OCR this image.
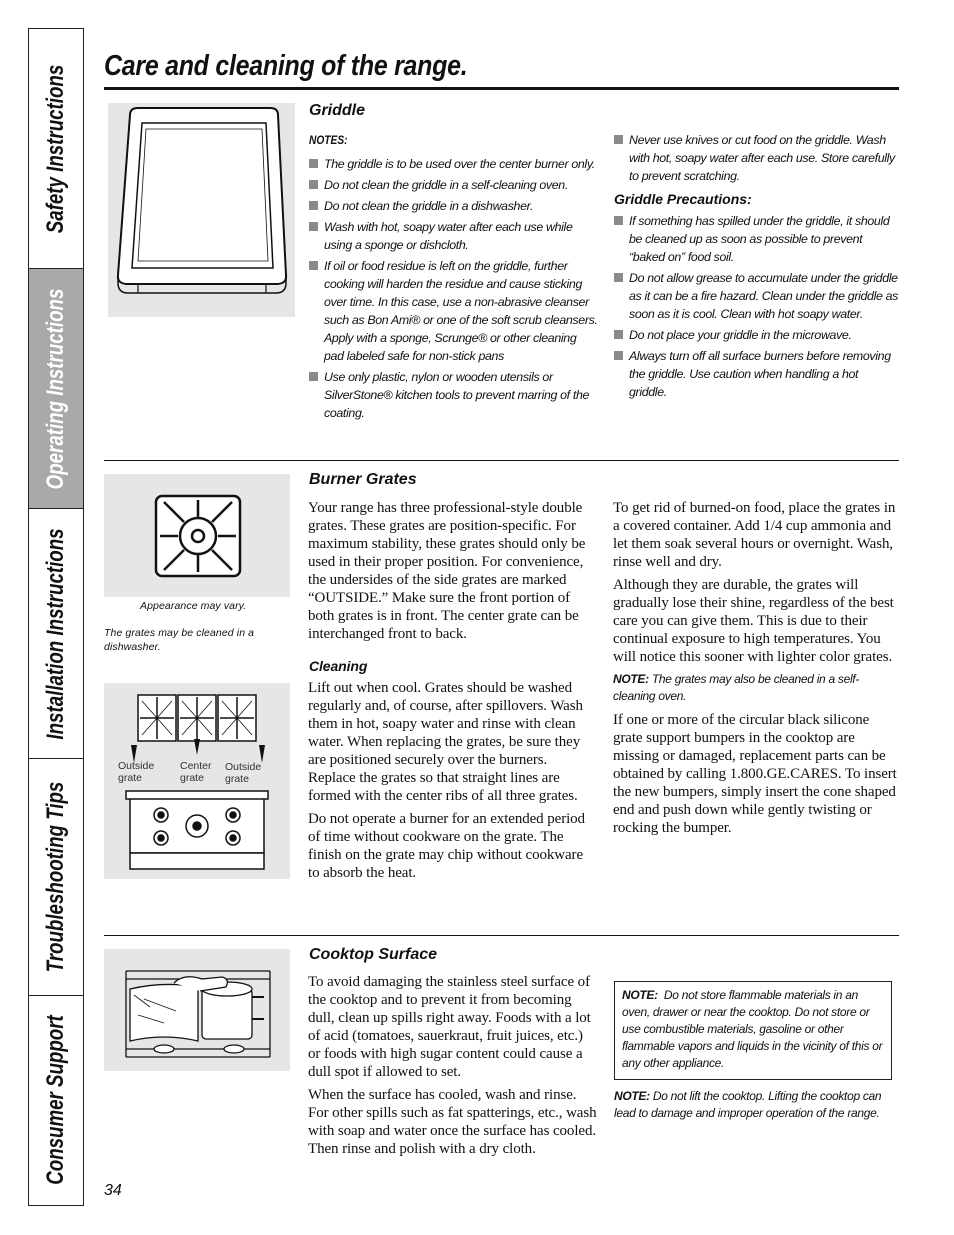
Safety Instructions
Operating Instructions
Installation Instructions
Troubleshooting Tips
Consumer Support
Care and cleaning of the range.
Griddle
NOTES:
The griddle is to be used over the center burner only.
Do not clean the griddle in a self-cleaning oven.
Do not clean the griddle in a dishwasher.
Wash with hot, soapy water after each use while using a sponge or dishcloth.
If oil or food residue is left on the griddle, further cooking will harden the residue and cause sticking over time. In this case, use a non-abrasive cleanser such as Bon Ami® or one of the soft scrub cleansers. Apply with a sponge, Scrunge® or other cleaning pad labeled safe for non-stick pans
Use only plastic, nylon or wooden utensils or SilverStone® kitchen tools to prevent marring of the coating.
Never use knives or cut food on the griddle. Wash with hot, soapy water after each use. Store carefully to prevent scratching.
Griddle Precautions:
If something has spilled under the griddle, it should be cleaned up as soon as possible to prevent “baked on” food soil.
Do not allow grease to accumulate under the griddle as it can be a fire hazard. Clean under the griddle as soon as it is cool. Clean with hot soapy water.
Do not place your griddle in the microwave.
Always turn off all surface burners before removing the griddle. Use caution when handling a hot griddle.
Appearance may vary.
The grates may be cleaned in a dishwasher.
Outside grate
Center grate
Outside grate
Burner Grates

Your range has three professional-style double grates. These grates are position-specific. For maximum stability, these grates should only be used in their proper position. For convenience, the undersides of the side grates are marked “OUTSIDE.” Make sure the front portion of both grates is in front. The center grate can be interchanged front to back.

Cleaning

Lift out when cool. Grates should be washed regularly and, of course, after spillovers. Wash them in hot, soapy water and rinse with clean water. When replacing the grates, be sure they are positioned securely over the burners. Replace the grates so that straight lines are formed with the center ribs of all three grates.

Do not operate a burner for an extended period of time without cookware on the grate. The finish on the grate may chip without cookware to absorb the heat.

To get rid of burned-on food, place the grates in a covered container. Add 1/4 cup ammonia and let them soak several hours or overnight. Wash, rinse well and dry.

Although they are durable, the grates will gradually lose their shine, regardless of the best care you can give them. This is due to their continual exposure to high temperatures. You will notice this sooner with lighter color grates.

NOTE: The grates may also be cleaned in a self-cleaning oven.

If one or more of the circular black silicone grate support bumpers in the cooktop are missing or damaged, replacement parts can be obtained by calling 1.800.GE.CARES. To insert the new bumpers, simply insert the cone shaped end and push down while gently twisting or rocking the bumper.

Cooktop Surface

To avoid damaging the stainless steel surface of the cooktop and to prevent it from becoming dull, clean up spills right away. Foods with a lot of acid (tomatoes, sauerkraut, fruit juices, etc.) or foods with high sugar content could cause a dull spot if allowed to set.

When the surface has cooled, wash and rinse. For other spills such as fat spatterings, etc., wash with soap and water once the surface has cooled. Then rinse and polish with a dry cloth.

NOTE: Do not store flammable materials in an oven, drawer or near the cooktop. Do not store or use combustible materials, gasoline or other flammable vapors and liquids in the vicinity of this or any other appliance.
NOTE: Do not lift the cooktop. Lifting the cooktop can lead to damage and improper operation of the range.
34
